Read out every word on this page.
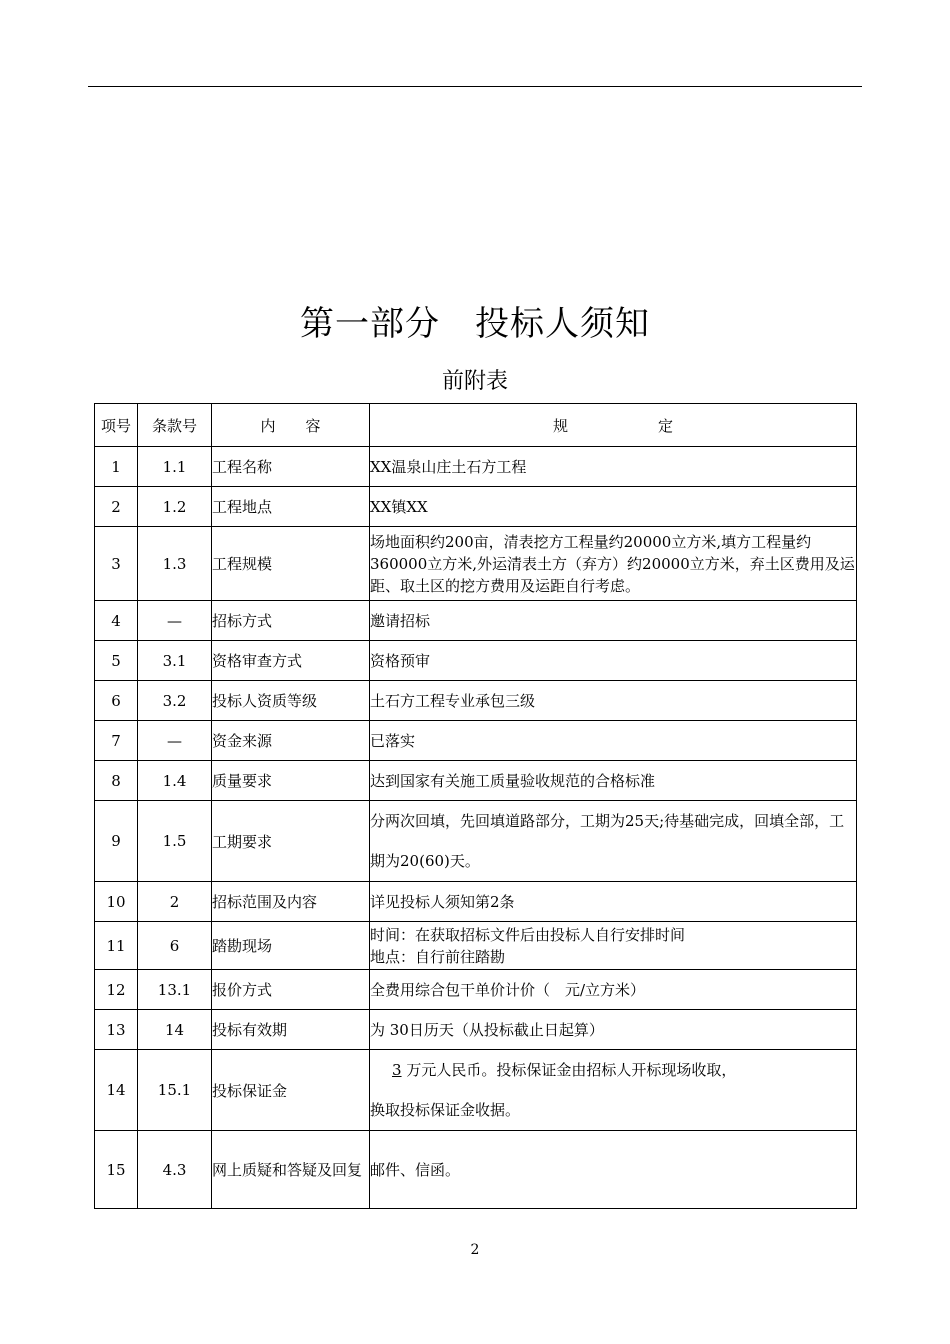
第一部分　投标人须知
前附表
项号	条款号	内　　容	规　　　　　　定
1	1.1	工程名称	XX温泉山庄土石方工程
2	1.2	工程地点	XX镇XX
3	1.3	工程规模	场地面积约200亩，清表挖方工程量约20000立方米,填方工程量约360000立方米,外运清表土方（弃方）约20000立方米，弃土区费用及运距、取土区的挖方费用及运距自行考虑。
4	—	招标方式	邀请招标
5	3.1	资格审查方式	资格预审
6	3.2	投标人资质等级	土石方工程专业承包三级
7	—	资金来源	已落实
8	1.4	质量要求	达到国家有关施工质量验收规范的合格标准
9	1.5	工期要求	分两次回填，先回填道路部分，工期为25天;待基础完成，回填全部，工期为20(60)天。
10	2	招标范围及内容	详见投标人须知第2条
11	6	踏勘现场	时间：在获取招标文件后由投标人自行安排时间
地点：自行前往踏勘

12	13.1	报价方式	全费用综合包干单价计价（　元/立方米）
13	14	投标有效期	为 30日历天（从投标截止日起算）
14	15.1	投标保证金	3 万元人民币。投标保证金由招标人开标现场收取，
换取投标保证金收据。

15	4.3	网上质疑和答疑及回复	邮件、信函。
2
